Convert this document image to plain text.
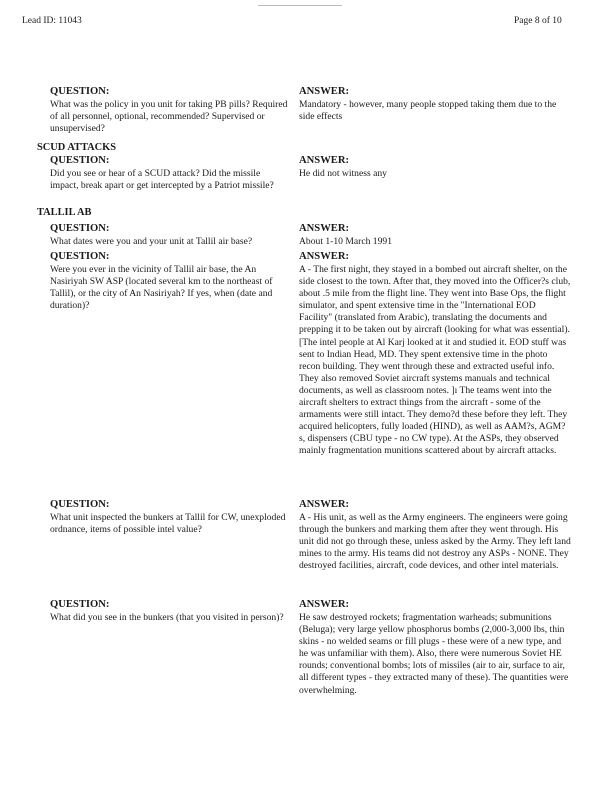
Lead ID: 11043	Page 8 of 10
QUESTION:

What was the policy in you unit for taking PB pills? Required of all personnel, optional, recommended? Supervised or unsupervised?

ANSWER:

Mandatory - however, many people stopped taking them due to the side effects

SCUD ATTACKS
QUESTION:

Did you see or hear of a SCUD attack? Did the missile impact, break apart or get intercepted by a Patriot missile?

ANSWER:

He did not witness any

TALLIL AB
QUESTION:

What dates were you and your unit at Tallil air base?

ANSWER:

About 1-10 March 1991

QUESTION:

Were you ever in the vicinity of Tallil air base, the An Nasiriyah SW ASP (located several km to the northeast of Tallil), or the city of An Nasiriyah? If yes, when (date and duration)?

ANSWER:

A - The first night, they stayed in a bombed out aircraft shelter, on the side closest to the town. After that, they moved into the Officer?s club, about .5 mile from the flight line. They went into Base Ops, the flight simulator, and spent extensive time in the "International EOD Facility" (translated from Arabic), translating the documents and prepping it to be taken out by aircraft (looking for what was essential). [The intel people at Al Karj looked at it and studied it. EOD stuff was sent to Indian Head, MD. They spent extensive time in the photo recon building. They went through these and extracted useful info. They also removed Soviet aircraft systems manuals and technical documents, as well as classroom notes. ]ı The teams went into the aircraft shelters to extract things from the aircraft - some of the armaments were still intact. They demo?d these before they left. They acquired helicopters, fully loaded (HIND), as well as AAM?s, AGM?s, dispensers (CBU type - no CW type). At the ASPs, they observed mainly fragmentation munitions scattered about by aircraft attacks.

QUESTION:

What unit inspected the bunkers at Tallil for CW, unexploded ordnance, items of possible intel value?

ANSWER:

A - His unit, as well as the Army engineers. The engineers were going through the bunkers and marking them after they went through. His unit did not go through these, unless asked by the Army. They left land mines to the army. His teams did not destroy any ASPs - NONE. They destroyed facilities, aircraft, code devices, and other intel materials.

QUESTION:

What did you see in the bunkers (that you visited in person)?

ANSWER:

He saw destroyed rockets; fragmentation warheads; submunitions (Beluga); very large yellow phosphorus bombs (2,000-3,000 lbs, thin skins - no welded seams or fill plugs - these were of a new type, and he was unfamiliar with them). Also, there were numerous Soviet HE rounds; conventional bombs; lots of missiles (air to air, surface to air, all different types - they extracted many of these). The quantities were overwhelming.
